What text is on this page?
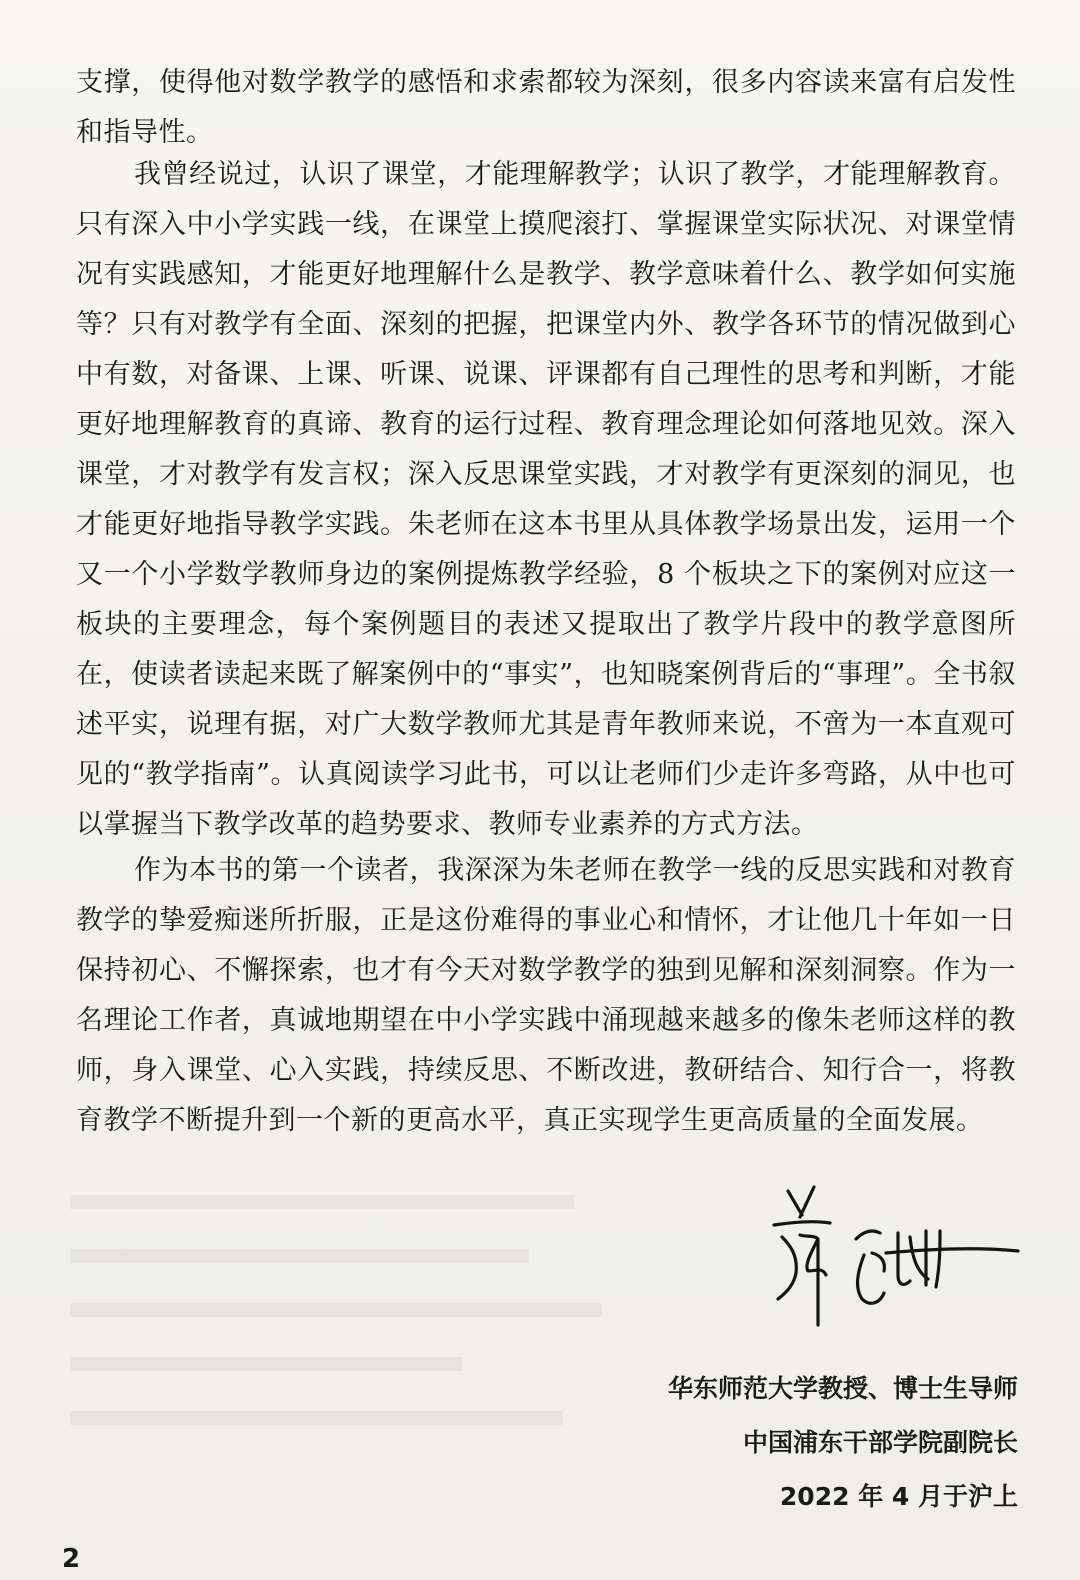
支撑，使得他对数学教学的感悟和求索都较为深刻，很多内容读来富有启发性和指导性。

我曾经说过，认识了课堂，才能理解教学；认识了教学，才能理解教育。只有深入中小学实践一线，在课堂上摸爬滚打、掌握课堂实际状况、对课堂情况有实践感知，才能更好地理解什么是教学、教学意味着什么、教学如何实施等？只有对教学有全面、深刻的把握，把课堂内外、教学各环节的情况做到心中有数，对备课、上课、听课、说课、评课都有自己理性的思考和判断，才能更好地理解教育的真谛、教育的运行过程、教育理念理论如何落地见效。深入课堂，才对教学有发言权；深入反思课堂实践，才对教学有更深刻的洞见，也才能更好地指导教学实践。朱老师在这本书里从具体教学场景出发，运用一个又一个小学数学教师身边的案例提炼教学经验，8 个板块之下的案例对应这一板块的主要理念，每个案例题目的表述又提取出了教学片段中的教学意图所在，使读者读起来既了解案例中的“事实”，也知晓案例背后的“事理”。全书叙述平实，说理有据，对广大数学教师尤其是青年教师来说，不啻为一本直观可见的“教学指南”。认真阅读学习此书，可以让老师们少走许多弯路，从中也可以掌握当下教学改革的趋势要求、教师专业素养的方式方法。

作为本书的第一个读者，我深深为朱老师在教学一线的反思实践和对教育教学的挚爱痴迷所折服，正是这份难得的事业心和情怀，才让他几十年如一日保持初心、不懈探索，也才有今天对数学教学的独到见解和深刻洞察。作为一名理论工作者，真诚地期望在中小学实践中涌现越来越多的像朱老师这样的教师，身入课堂、心入实践，持续反思、不断改进，教研结合、知行合一，将教育教学不断提升到一个新的更高水平，真正实现学生更高质量的全面发展。

华东师范大学教授、博士生导师
中国浦东干部学院副院长
2022 年 4 月于沪上
2
